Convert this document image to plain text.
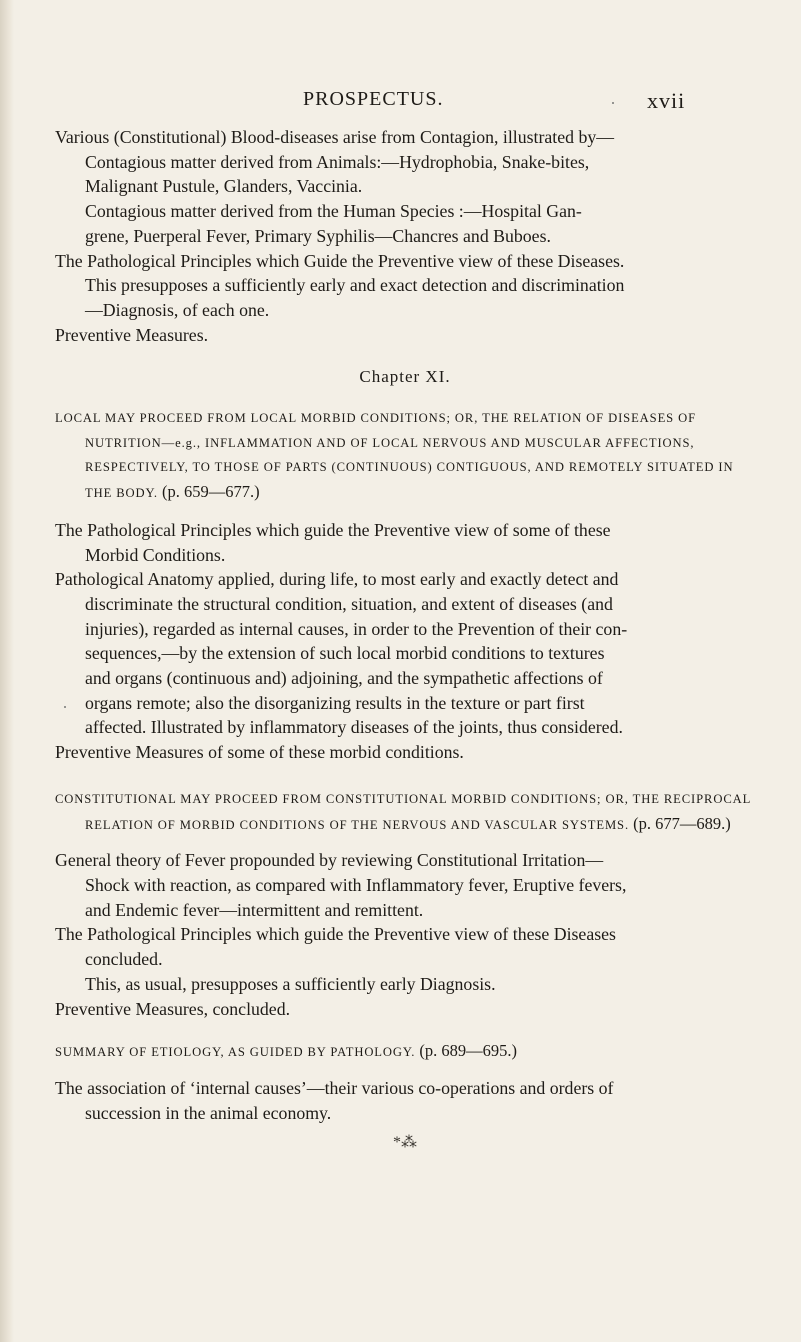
PROSPECTUS.	xvii
Various (Constitutional) Blood-diseases arise from Contagion, illustrated by—
Contagious matter derived from Animals:—Hydrophobia, Snake-bites,
Malignant Pustule, Glanders, Vaccinia.
Contagious matter derived from the Human Species :—Hospital Gan-
grene, Puerperal Fever, Primary Syphilis—Chancres and Buboes.
The Pathological Principles which Guide the Preventive view of these Diseases.
This presupposes a sufficiently early and exact detection and discrimination
—Diagnosis, of each one.
Preventive Measures.
Chapter XI.
LOCAL MAY PROCEED FROM LOCAL MORBID CONDITIONS; OR, THE RELATION OF DISEASES OF NUTRITION—e.g., INFLAMMATION AND OF LOCAL NERVOUS AND MUSCULAR AFFECTIONS, RESPECTIVELY, TO THOSE OF PARTS (CONTINUOUS) CONTIGUOUS, AND REMOTELY SITUATED IN THE BODY. (p. 659—677.)
The Pathological Principles which guide the Preventive view of some of these
Morbid Conditions.
Pathological Anatomy applied, during life, to most early and exactly detect and
discriminate the structural condition, situation, and extent of diseases (and
injuries), regarded as internal causes, in order to the Prevention of their con-
sequences,—by the extension of such local morbid conditions to textures
and organs (continuous and) adjoining, and the sympathetic affections of
organs remote; also the disorganizing results in the texture or part first
affected. Illustrated by inflammatory diseases of the joints, thus considered.
Preventive Measures of some of these morbid conditions.
CONSTITUTIONAL MAY PROCEED FROM CONSTITUTIONAL MORBID CONDITIONS; OR, THE RECIPROCAL RELATION OF MORBID CONDITIONS OF THE NERVOUS AND VASCULAR SYSTEMS. (p. 677—689.)
General theory of Fever propounded by reviewing Constitutional Irritation—
Shock with reaction, as compared with Inflammatory fever, Eruptive fevers,
and Endemic fever—intermittent and remittent.
The Pathological Principles which guide the Preventive view of these Diseases
concluded.
This, as usual, presupposes a sufficiently early Diagnosis.
Preventive Measures, concluded.
SUMMARY OF ETIOLOGY, AS GUIDED BY PATHOLOGY. (p. 689—695.)
The association of ‘internal causes’—their various co-operations and orders of
succession in the animal economy.
*⁂
